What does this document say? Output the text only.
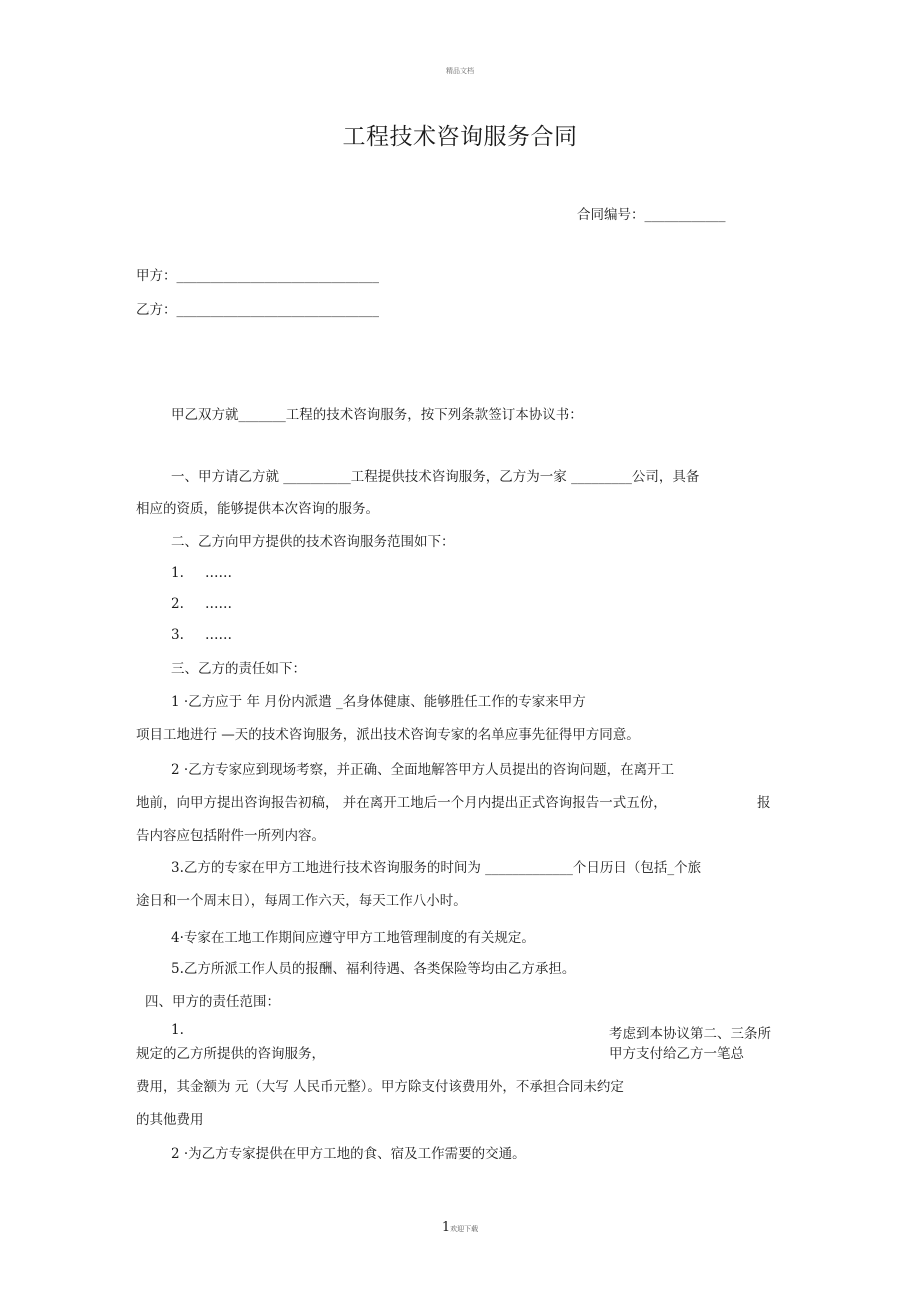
精品文档
工程技术咨询服务合同
合同编号：____________
甲方：______________________________
乙方：______________________________
甲乙双方就_______工程的技术咨询服务，按下列条款签订本协议书：
一、甲方请乙方就 __________工程提供技术咨询服务，乙方为一家 _________公司，具备
相应的资质，能够提供本次咨询的服务。
二、乙方向甲方提供的技术咨询服务范围如下：
1. ……
2. ……
3. ……
三、乙方的责任如下：
1 ·乙方应于 年 月份内派遣 _名身体健康、能够胜任工作的专家来甲方
项目工地进行 —天的技术咨询服务，派出技术咨询专家的名单应事先征得甲方同意。
2 ·乙方专家应到现场考察，并正确、全面地解答甲方人员提出的咨询问题，在离开工
地前，向甲方提出咨询报告初稿， 并在离开工地后一个月内提出正式咨询报告一式五份，	报
告内容应包括附件一所列内容。
3.乙方的专家在甲方工地进行技术咨询服务的时间为 _____________个日历日（包括_个旅
途日和一个周末日），每周工作六天，每天工作八小时。
4·专家在工地工作期间应遵守甲方工地管理制度的有关规定。
5.乙方所派工作人员的报酬、福利待遇、各类保险等均由乙方承担。
四、甲方的责任范围：
1.	考虑到本协议第二、三条所
规定的乙方所提供的咨询服务，	甲方支付给乙方一笔总
费用，其金额为 元（大写 人民币元整）。甲方除支付该费用外，不承担合同未约定
的其他费用
2 ·为乙方专家提供在甲方工地的食、宿及工作需要的交通。
1欢迎下载
